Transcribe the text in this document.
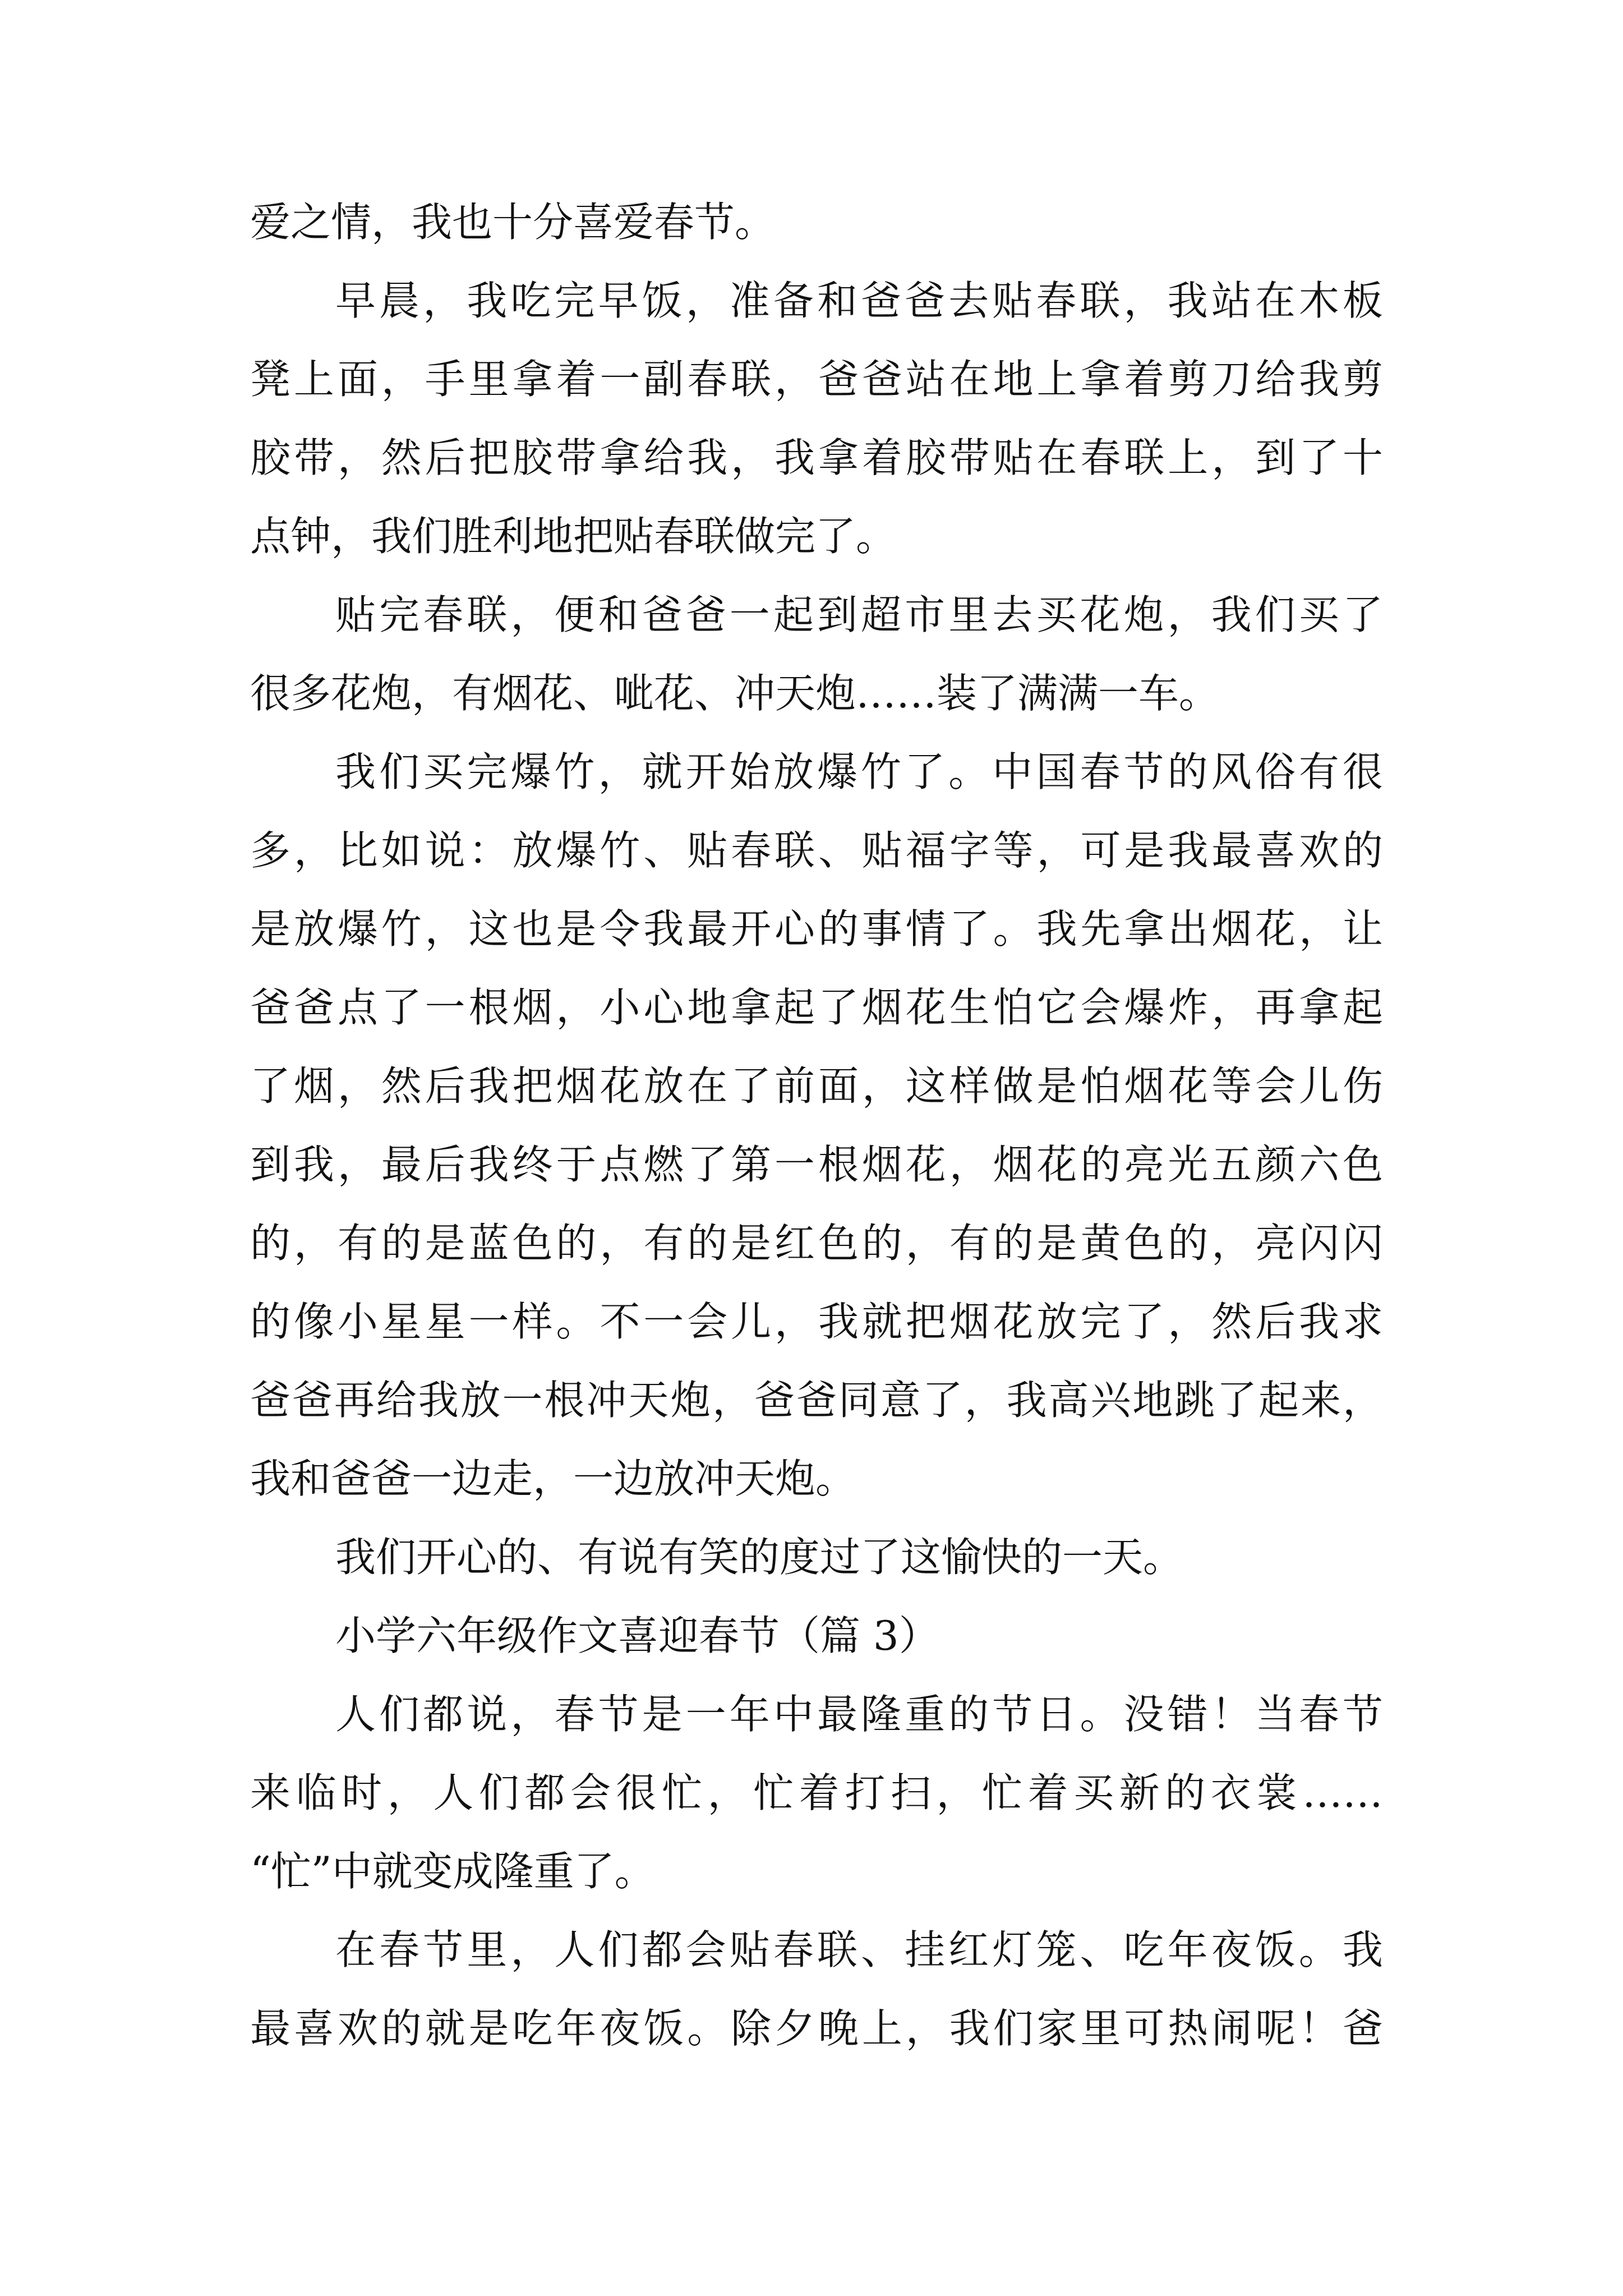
爱之情，我也十分喜爱春节。
早晨，我吃完早饭，准备和爸爸去贴春联，我站在木板
凳上面，手里拿着一副春联，爸爸站在地上拿着剪刀给我剪
胶带，然后把胶带拿给我，我拿着胶带贴在春联上，到了十
点钟，我们胜利地把贴春联做完了。
贴完春联，便和爸爸一起到超市里去买花炮，我们买了
很多花炮，有烟花、呲花、冲天炮……装了满满一车。
我们买完爆竹，就开始放爆竹了。中国春节的风俗有很
多，比如说：放爆竹、贴春联、贴福字等，可是我最喜欢的
是放爆竹，这也是令我最开心的事情了。我先拿出烟花，让
爸爸点了一根烟，小心地拿起了烟花生怕它会爆炸，再拿起
了烟，然后我把烟花放在了前面，这样做是怕烟花等会儿伤
到我，最后我终于点燃了第一根烟花，烟花的亮光五颜六色
的，有的是蓝色的，有的是红色的，有的是黄色的，亮闪闪
的像小星星一样。不一会儿，我就把烟花放完了，然后我求
爸爸再给我放一根冲天炮，爸爸同意了，我高兴地跳了起来，
我和爸爸一边走，一边放冲天炮。
我们开心的、有说有笑的度过了这愉快的一天。
小学六年级作文喜迎春节（篇 3）
人们都说，春节是一年中最隆重的节日。没错！当春节
来临时，人们都会很忙，忙着打扫，忙着买新的衣裳……
“忙”中就变成隆重了。
在春节里，人们都会贴春联、挂红灯笼、吃年夜饭。我
最喜欢的就是吃年夜饭。除夕晚上，我们家里可热闹呢！爸
